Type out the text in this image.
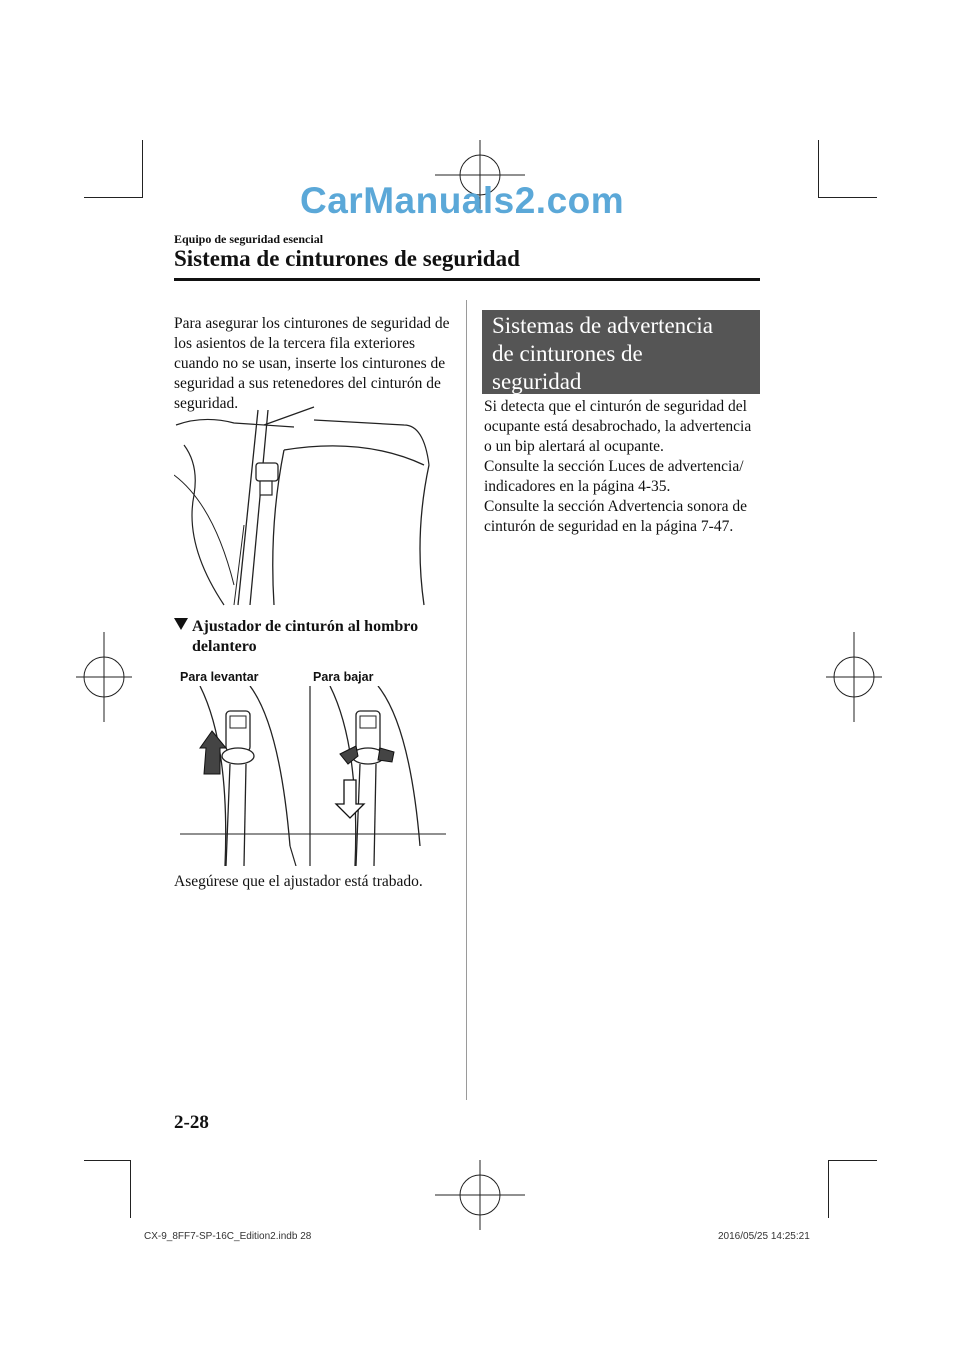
CarManuals2.com
Equipo de seguridad esencial
Sistema de cinturones de seguridad
Para asegurar los cinturones de seguridad de los asientos de la tercera fila exteriores cuando no se usan, inserte los cinturones de seguridad a sus retenedores del cinturón de seguridad.
Ajustador de cinturón al hombro
delantero
Para levantar	Para bajar
Asegúrese que el ajustador está trabado.
Sistemas de advertencia
de cinturones de
seguridad
Si detecta que el cinturón de seguridad del
ocupante está desabrochado, la advertencia
o un bip alertará al ocupante.
Consulte la sección Luces de advertencia/
indicadores en la página 4-35.
Consulte la sección Advertencia sonora de
cinturón de seguridad en la página 7-47.
2-28
CX-9_8FF7-SP-16C_Edition2.indb 28	2016/05/25 14:25:21
